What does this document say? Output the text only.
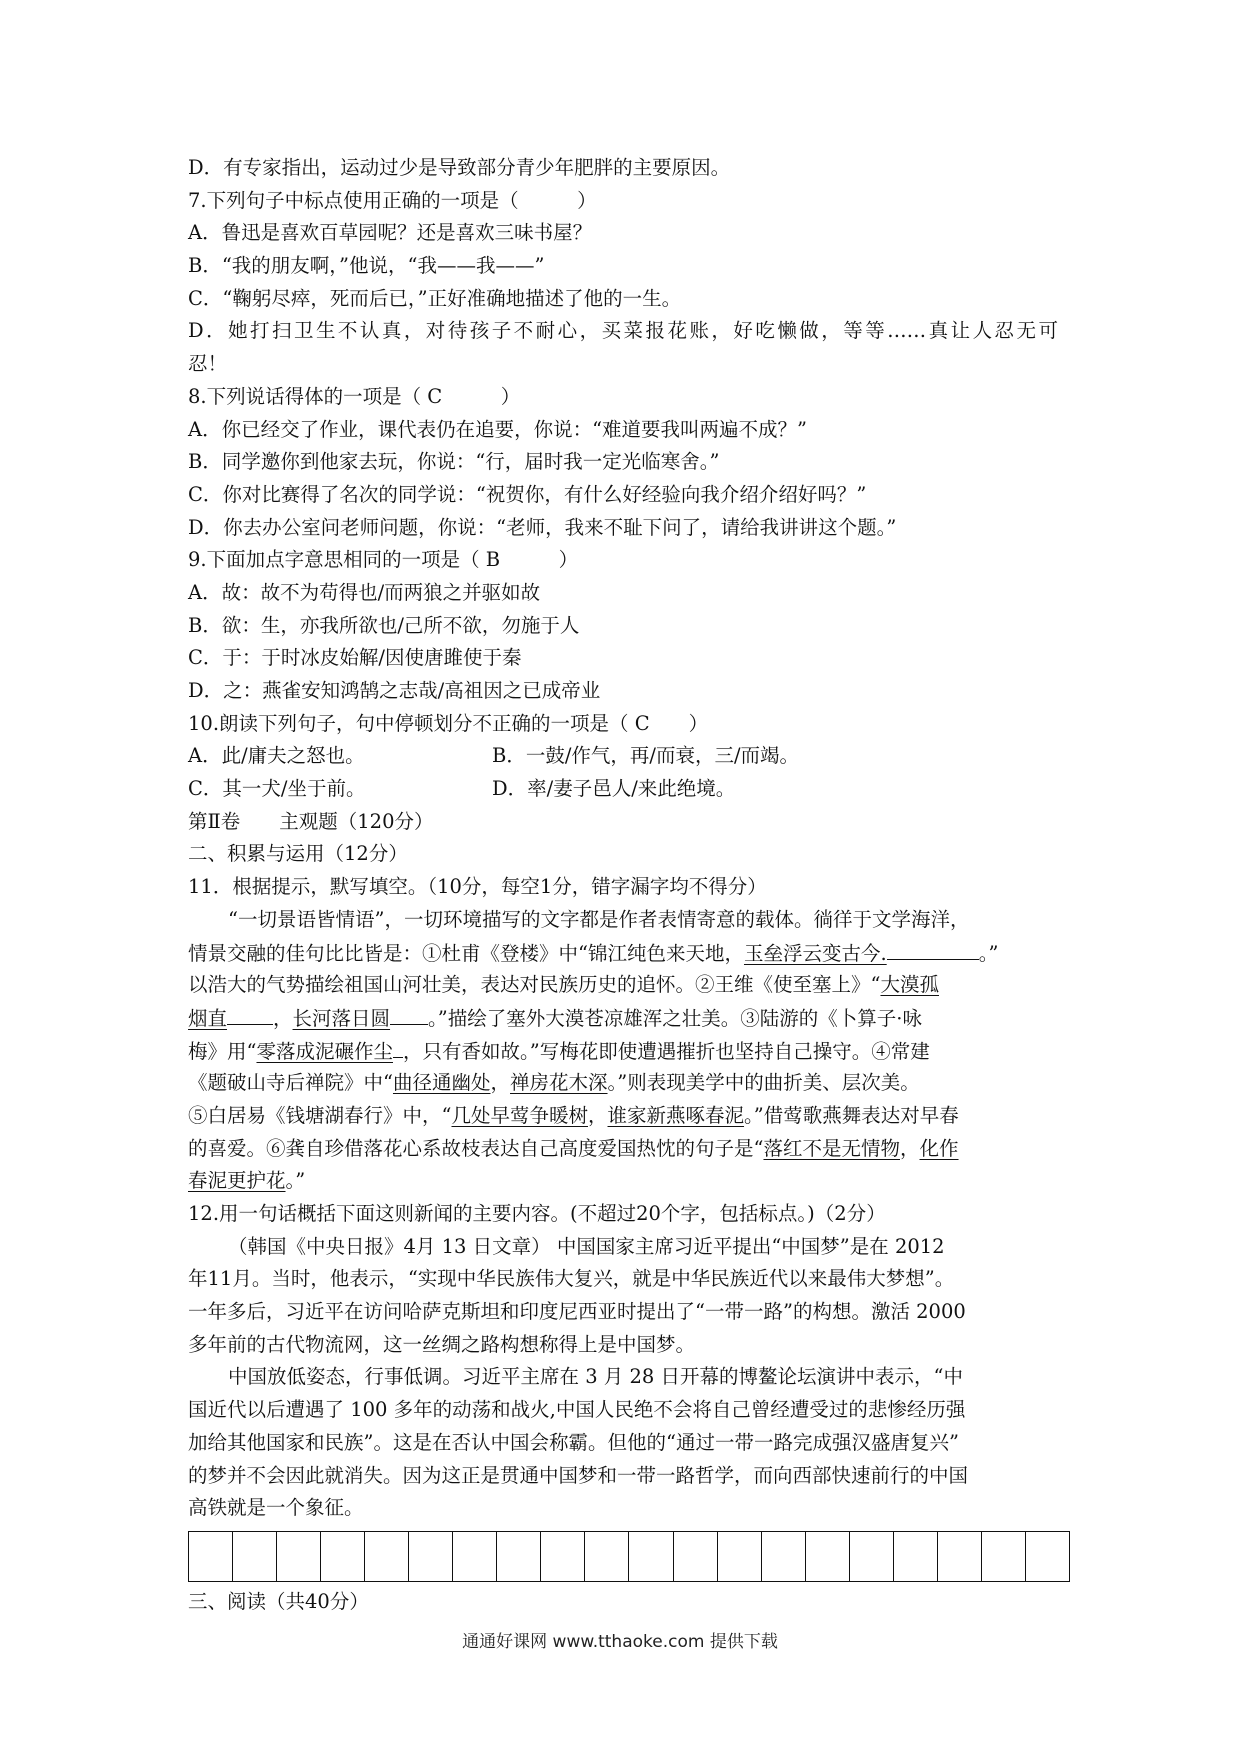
D．有专家指出，运动过少是导致部分青少年肥胖的主要原因。
7.下列句子中标点使用正确的一项是（　　　）
A．鲁迅是喜欢百草园呢？还是喜欢三味书屋？
B．“我的朋友啊，”他说，“我——我——”
C．“鞠躬尽瘁，死而后已，”正好准确地描述了他的一生。
D．她打扫卫生不认真，对待孩子不耐心，买菜报花账，好吃懒做，等等……真让人忍无可
忍！
8.下列说话得体的一项是（ C　　　）
A．你已经交了作业，课代表仍在追要，你说：“难道要我叫两遍不成？”
B．同学邀你到他家去玩，你说：“行，届时我一定光临寒舍。”
C．你对比赛得了名次的同学说：“祝贺你，有什么好经验向我介绍介绍好吗？”
D．你去办公室问老师问题，你说：“老师，我来不耻下问了，请给我讲讲这个题。”
9.下面加点字意思相同的一项是（ B　　　）
A．故：故不为苟得也/而两狼之并驱如故
B．欲：生，亦我所欲也/己所不欲，勿施于人
C．于：于时冰皮始解/因使唐雎使于秦
D．之：燕雀安知鸿鹄之志哉/高祖因之已成帝业
10.朗读下列句子，句中停顿划分不正确的一项是（ C　　）
A．此/庸夫之怒也。	B．一鼓/作气，再/而衰，三/而竭。
C．其一犬/坐于前。	D．率/妻子邑人/来此绝境。
第Ⅱ卷　　主观题（120分）
二、积累与运用（12分）
11．根据提示，默写填空。（10分，每空1分，错字漏字均不得分）
“一切景语皆情语”，一切环境描写的文字都是作者表情寄意的载体。徜徉于文学海洋，
情景交融的佳句比比皆是：①杜甫《登楼》中“锦江纯色来天地，玉垒浮云变古今.	。”
以浩大的气势描绘祖国山河壮美，表达对民族历史的追怀。②王维《使至塞上》“大漠孤
烟直 ，长河落日圆 。”描绘了塞外大漠苍凉雄浑之壮美。③陆游的《卜算子·咏
梅》用“零落成泥碾作尘 ，只有香如故。”写梅花即使遭遇摧折也坚持自己操守。④常建
《题破山寺后禅院》中“曲径通幽处，禅房花木深。”则表现美学中的曲折美、层次美。
⑤白居易《钱塘湖春行》中，“几处早莺争暖树，谁家新燕啄春泥。”借莺歌燕舞表达对早春
的喜爱。⑥龚自珍借落花心系故枝表达自己高度爱国热忱的句子是“落红不是无情物，化作
春泥更护花。”
12.用一句话概括下面这则新闻的主要内容。(不超过20个字，包括标点。)（2分）
（韩国《中央日报》4月 13 日文章） 中国国家主席习近平提出“中国梦”是在 2012
年11月。当时，他表示，“实现中华民族伟大复兴，就是中华民族近代以来最伟大梦想”。
一年多后，习近平在访问哈萨克斯坦和印度尼西亚时提出了“一带一路”的构想。激活 2000
多年前的古代物流网，这一丝绸之路构想称得上是中国梦。
中国放低姿态，行事低调。习近平主席在 3 月 28 日开幕的博鳌论坛演讲中表示，“中
国近代以后遭遇了 100 多年的动荡和战火,中国人民绝不会将自己曾经遭受过的悲惨经历强
加给其他国家和民族”。这是在否认中国会称霸。但他的“通过一带一路完成强汉盛唐复兴”
的梦并不会因此就消失。因为这正是贯通中国梦和一带一路哲学，而向西部快速前行的中国
高铁就是一个象征。
三、阅读（共40分）
通通好课网 www.tthaoke.com 提供下载
